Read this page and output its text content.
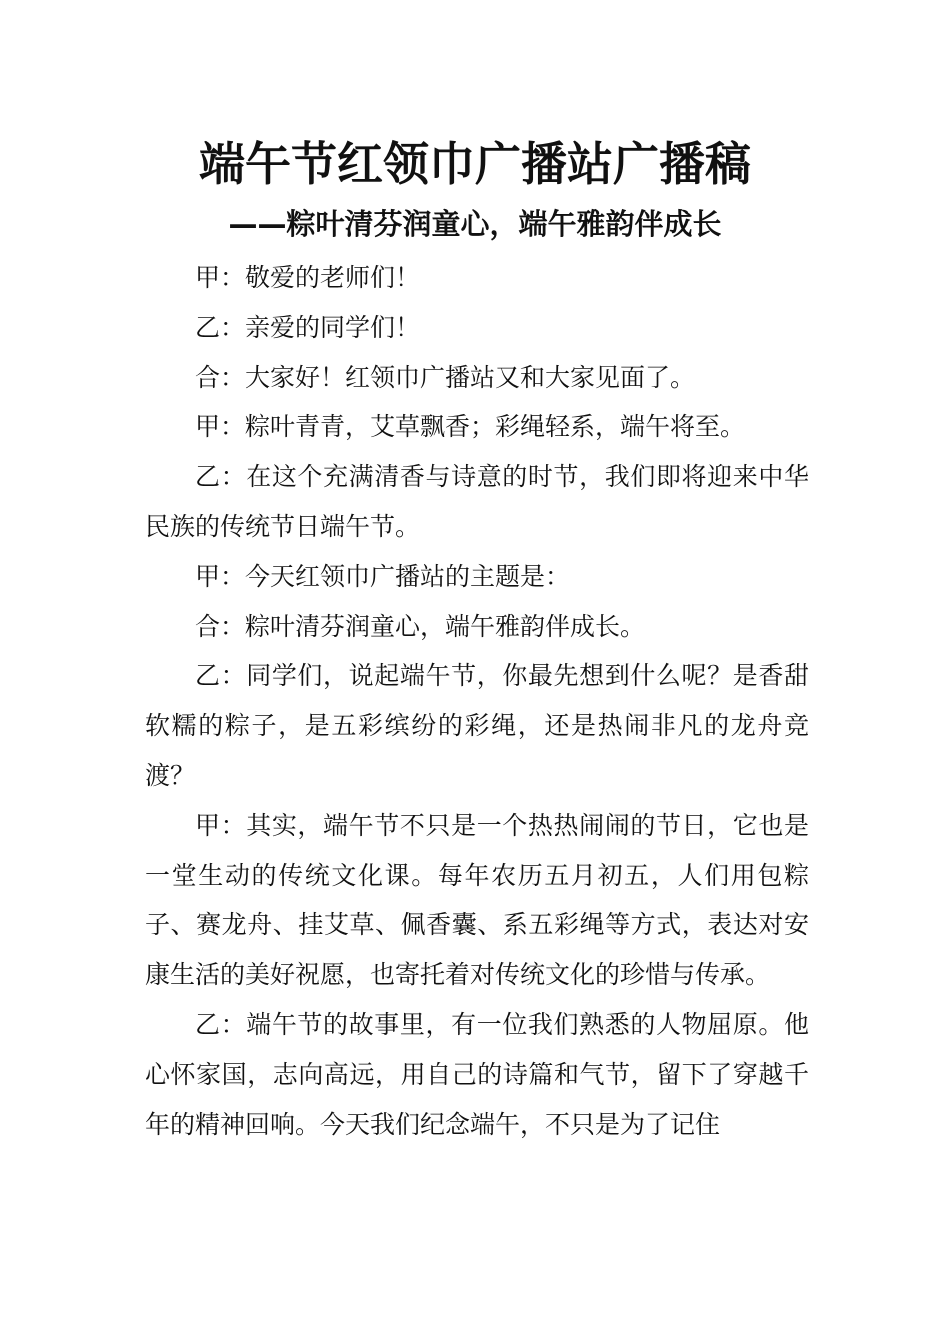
端午节红领巾广播站广播稿
——粽叶清芬润童心，端午雅韵伴成长

甲：敬爱的老师们！

乙：亲爱的同学们！

合：大家好！红领巾广播站又和大家见面了。

甲：粽叶青青，艾草飘香；彩绳轻系，端午将至。

乙：在这个充满清香与诗意的时节，我们即将迎来中华民族的传统节日端午节。

甲：今天红领巾广播站的主题是：

合：粽叶清芬润童心，端午雅韵伴成长。

乙：同学们，说起端午节，你最先想到什么呢？是香甜软糯的粽子，是五彩缤纷的彩绳，还是热闹非凡的龙舟竞渡？

甲：其实，端午节不只是一个热热闹闹的节日，它也是一堂生动的传统文化课。每年农历五月初五，人们用包粽子、赛龙舟、挂艾草、佩香囊、系五彩绳等方式，表达对安康生活的美好祝愿，也寄托着对传统文化的珍惜与传承。

乙：端午节的故事里，有一位我们熟悉的人物屈原。他心怀家国，志向高远，用自己的诗篇和气节，留下了穿越千年的精神回响。今天我们纪念端午，不只是为了记住
